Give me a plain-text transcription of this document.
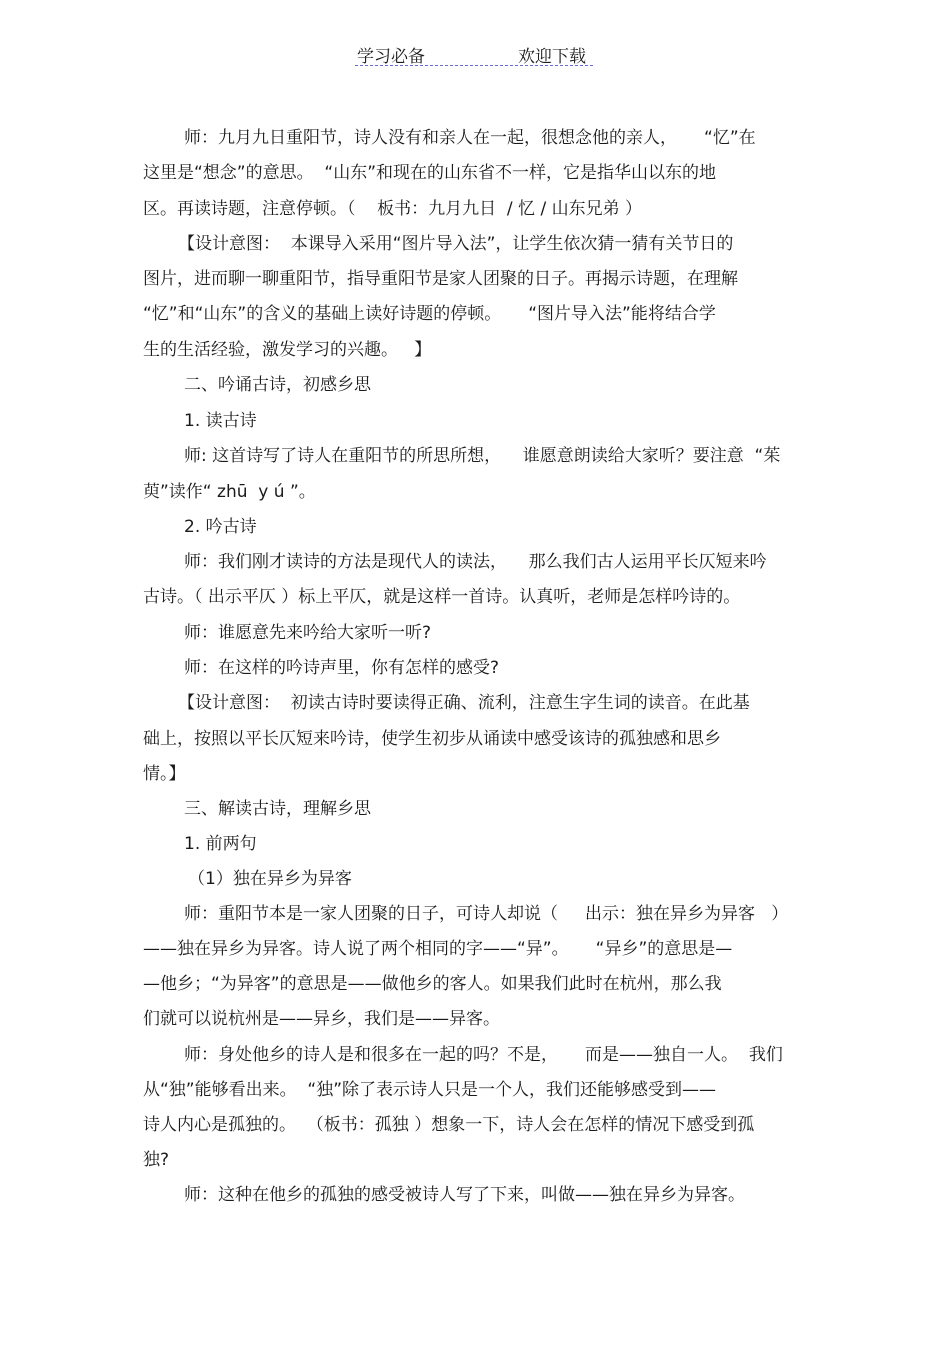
学习必备	欢迎下载
师：九月九日重阳节，诗人没有和亲人在一起，很想念他的亲人，     “忆”在
这里是“想念”的意思。  “山东”和现在的山东省不一样，它是指华山以东的地
区。再读诗题，注意停顿。（    板书：九月九日  / 忆 / 山东兄弟 ）
【设计意图：  本课导入采用“图片导入法”，让学生依次猜一猜有关节日的
图片，进而聊一聊重阳节，指导重阳节是家人团聚的日子。再揭示诗题，在理解
“忆”和“山东”的含义的基础上读好诗题的停顿。     “图片导入法”能将结合学
生的生活经验，激发学习的兴趣。   】
二、吟诵古诗，初感乡思
1. 读古诗
师: 这首诗写了诗人在重阳节的所思所想，    谁愿意朗读给大家听？要注意  “茱
萸”读作“ zhū  y ú ”。
2. 吟古诗
师：我们刚才读诗的方法是现代人的读法，    那么我们古人运用平长仄短来吟
古诗。（ 出示平仄 ）标上平仄，就是这样一首诗。认真听，老师是怎样吟诗的。
师：谁愿意先来吟给大家听一听?
师：在这样的吟诗声里，你有怎样的感受?
【设计意图：  初读古诗时要读得正确、流利，注意生字生词的读音。在此基
础上，按照以平长仄短来吟诗，使学生初步从诵读中感受该诗的孤独感和思乡
情。】
三、解读古诗，理解乡思
1. 前两句
（1）独在异乡为异客
师：重阳节本是一家人团聚的日子，可诗人却说（     出示：独在异乡为异客   ）
——独在异乡为异客。诗人说了两个相同的字——“异”。     “异乡”的意思是—
—他乡；“为异客”的意思是——做他乡的客人。如果我们此时在杭州，那么我
们就可以说杭州是——异乡，我们是——异客。
师：身处他乡的诗人是和很多在一起的吗？不是，     而是——独自一人。  我们
从“独”能够看出来。  “独”除了表示诗人只是一个人，我们还能够感受到——
诗人内心是孤独的。  （板书：孤独 ）想象一下，诗人会在怎样的情况下感受到孤
独?
师：这种在他乡的孤独的感受被诗人写了下来，叫做——独在异乡为异客。
